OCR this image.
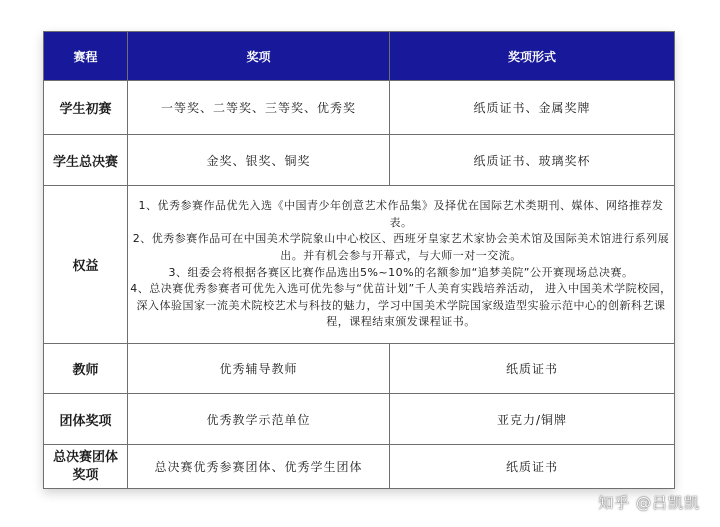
赛程	奖项	奖项形式
学生初赛	一等奖、二等奖、三等奖、优秀奖	纸质证书、金属奖牌
学生总决赛	金奖、银奖、铜奖	纸质证书、玻璃奖杯
权益	1、优秀参赛作品优先入选《中国青少年创意艺术作品集》及择优在国际艺术类期刊、媒体、网络推荐发表。
2、优秀参赛作品可在中国美术学院象山中心校区、西班牙皇家艺术家协会美术馆及国际美术馆进行系列展出。并有机会参与开幕式，与大师一对一交流。
3、组委会将根据各赛区比赛作品选出5%~10%的名额参加“追梦美院”公开赛现场总决赛。
4、总决赛优秀参赛者可优先入选可优先参与“优苗计划”千人美育实践培养活动， 进入中国美术学院校园，深入体验国家一流美术院校艺术与科技的魅力，学习中国美术学院国家级造型实验示范中心的创新科艺课程，课程结束颁发课程证书。	

教师	优秀辅导教师	纸质证书
团体奖项	优秀教学示范单位	亚克力/铜牌
总决赛团体
奖项	总决赛优秀参赛团体、优秀学生团体	纸质证书
知乎 @吕凯凯
